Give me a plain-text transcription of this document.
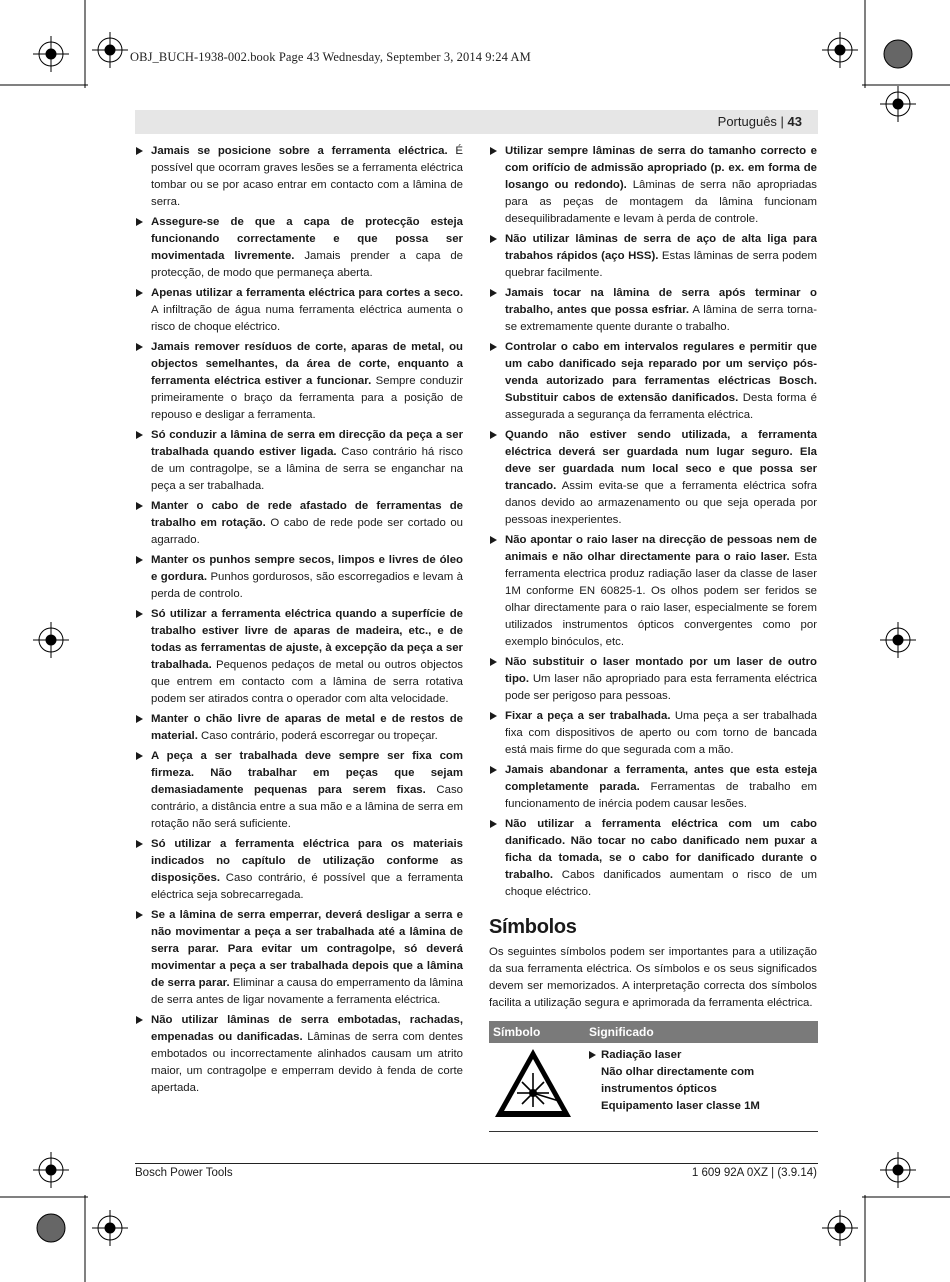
OBJ_BUCH-1938-002.book Page 43 Wednesday, September 3, 2014 9:24 AM
Português | 43
Jamais se posicione sobre a ferramenta eléctrica. É possível que ocorram graves lesões se a ferramenta eléctrica tombar ou se por acaso entrar em contacto com a lâmina de serra.
Assegure-se de que a capa de protecção esteja funcionando correctamente e que possa ser movimentada livremente. Jamais prender a capa de protecção, de modo que permaneça aberta.
Apenas utilizar a ferramenta eléctrica para cortes a seco. A infiltração de água numa ferramenta eléctrica aumenta o risco de choque eléctrico.
Jamais remover resíduos de corte, aparas de metal, ou objectos semelhantes, da área de corte, enquanto a ferramenta eléctrica estiver a funcionar. Sempre conduzir primeiramente o braço da ferramenta para a posição de repouso e desligar a ferramenta.
Só conduzir a lâmina de serra em direcção da peça a ser trabalhada quando estiver ligada. Caso contrário há risco de um contragolpe, se a lâmina de serra se enganchar na peça a ser trabalhada.
Manter o cabo de rede afastado de ferramentas de trabalho em rotação. O cabo de rede pode ser cortado ou agarrado.
Manter os punhos sempre secos, limpos e livres de óleo e gordura. Punhos gordurosos, são escorregadios e levam à perda de controlo.
Só utilizar a ferramenta eléctrica quando a superfície de trabalho estiver livre de aparas de madeira, etc., e de todas as ferramentas de ajuste, à excepção da peça a ser trabalhada. Pequenos pedaços de metal ou outros objectos que entrem em contacto com a lâmina de serra rotativa podem ser atirados contra o operador com alta velocidade.
Manter o chão livre de aparas de metal e de restos de material. Caso contrário, poderá escorregar ou tropeçar.
A peça a ser trabalhada deve sempre ser fixa com firmeza. Não trabalhar em peças que sejam demasiadamente pequenas para serem fixas. Caso contrário, a distância entre a sua mão e a lâmina de serra em rotação não será suficiente.
Só utilizar a ferramenta eléctrica para os materiais indicados no capítulo de utilização conforme as disposições. Caso contrário, é possível que a ferramenta eléctrica seja sobrecarregada.
Se a lâmina de serra emperrar, deverá desligar a serra e não movimentar a peça a ser trabalhada até a lâmina de serra parar. Para evitar um contragolpe, só deverá movimentar a peça a ser trabalhada depois que a lâmina de serra parar. Eliminar a causa do emperramento da lâmina de serra antes de ligar novamente a ferramenta eléctrica.
Não utilizar lâminas de serra embotadas, rachadas, empenadas ou danificadas. Lâminas de serra com dentes embotados ou incorrectamente alinhados causam um atrito maior, um contragolpe e emperram devido à fenda de corte apertada.
Utilizar sempre lâminas de serra do tamanho correcto e com orifício de admissão apropriado (p. ex. em forma de losango ou redondo). Lâminas de serra não apropriadas para as peças de montagem da lâmina funcionam desequilibradamente e levam à perda de controle.
Não utilizar lâminas de serra de aço de alta liga para trabahos rápidos (aço HSS). Estas lâminas de serra podem quebrar facilmente.
Jamais tocar na lâmina de serra após terminar o trabalho, antes que possa esfriar. A lâmina de serra torna-se extremamente quente durante o trabalho.
Controlar o cabo em intervalos regulares e permitir que um cabo danificado seja reparado por um serviço pós-venda autorizado para ferramentas eléctricas Bosch. Substituir cabos de extensão danificados. Desta forma é assegurada a segurança da ferramenta eléctrica.
Quando não estiver sendo utilizada, a ferramenta eléctrica deverá ser guardada num lugar seguro. Ela deve ser guardada num local seco e que possa ser trancado. Assim evita-se que a ferramenta eléctrica sofra danos devido ao armazenamento ou que seja operada por pessoas inexperientes.
Não apontar o raio laser na direcção de pessoas nem de animais e não olhar directamente para o raio laser. Esta ferramenta electrica produz radiação laser da classe de laser 1M conforme EN 60825-1. Os olhos podem ser feridos se olhar directamente para o raio laser, especialmente se forem utilizados instrumentos ópticos convergentes como por exemplo binóculos, etc.
Não substituir o laser montado por um laser de outro tipo. Um laser não apropriado para esta ferramenta eléctrica pode ser perigoso para pessoas.
Fixar a peça a ser trabalhada. Uma peça a ser trabalhada fixa com dispositivos de aperto ou com torno de bancada está mais firme do que segurada com a mão.
Jamais abandonar a ferramenta, antes que esta esteja completamente parada. Ferramentas de trabalho em funcionamento de inércia podem causar lesões.
Não utilizar a ferramenta eléctrica com um cabo danificado. Não tocar no cabo danificado nem puxar a ficha da tomada, se o cabo for danificado durante o trabalho. Cabos danificados aumentam o risco de um choque eléctrico.
Símbolos
Os seguintes símbolos podem ser importantes para a utilização da sua ferramenta eléctrica. Os símbolos e os seus significados devem ser memorizados. A interpretação correcta dos símbolos facilita a utilização segura e aprimorada da ferramenta eléctrica.
Símbolo	Significado

Radiação laser
Não olhar directamente com
instrumentos ópticos
Equipamento laser classe 1M
Bosch Power Tools	1 609 92A 0XZ | (3.9.14)
